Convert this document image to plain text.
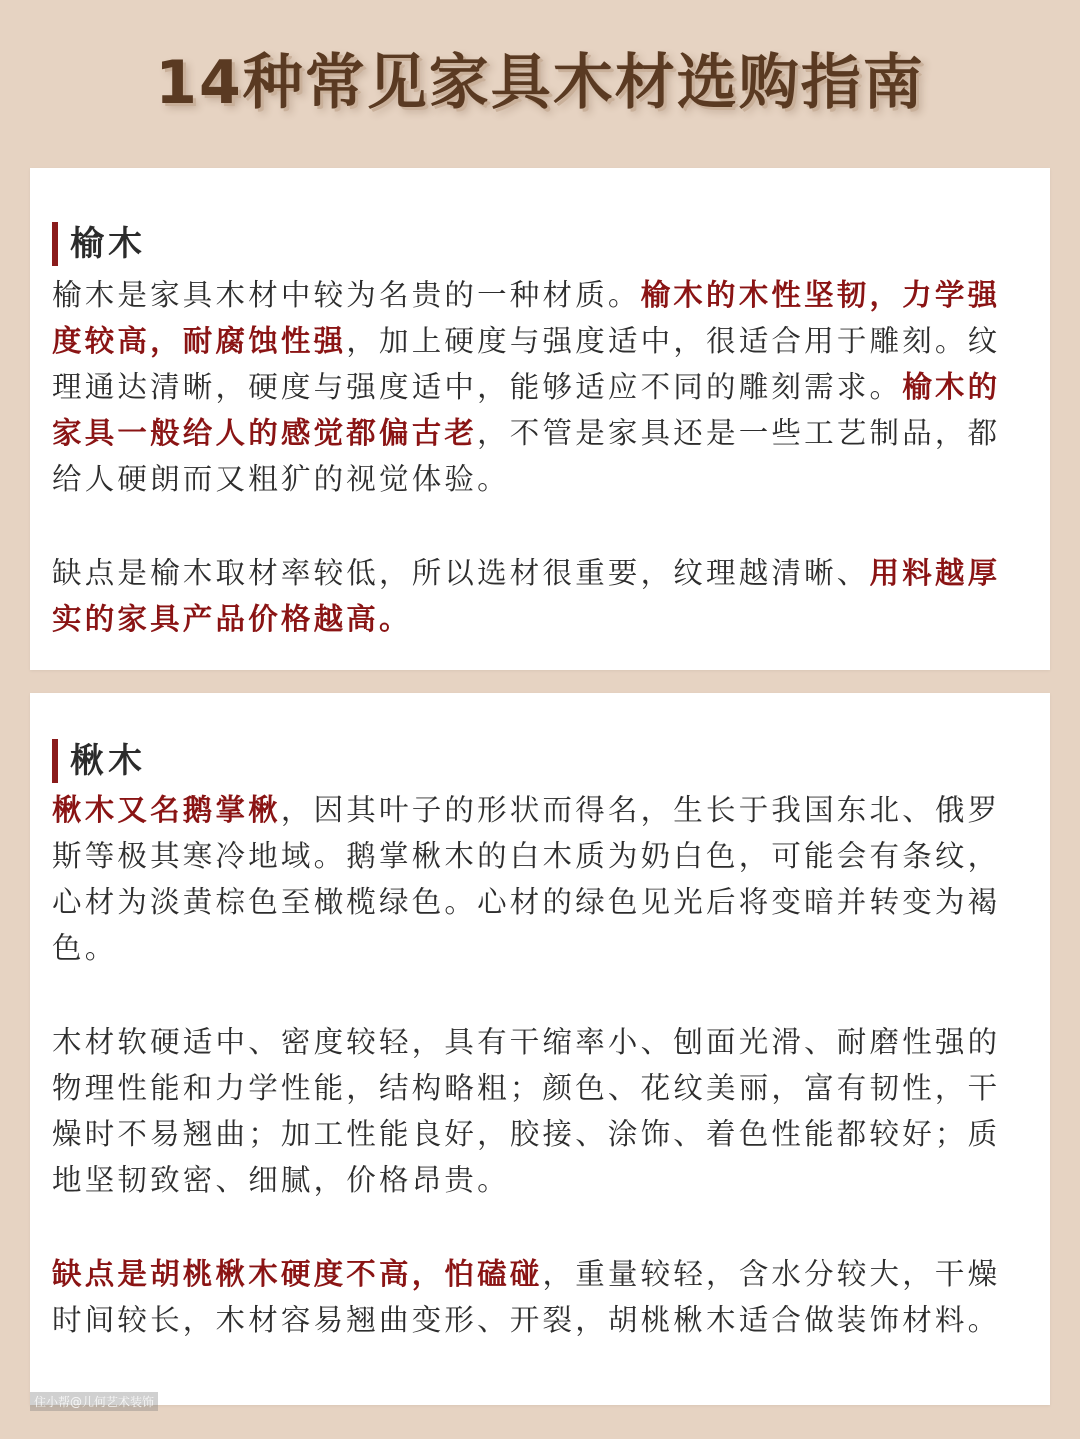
14种常见家具木材选购指南
榆木

榆木是家具木材中较为名贵的一种材质。榆木的木性坚韧，力学强度较高，耐腐蚀性强，加上硬度与强度适中，很适合用于雕刻。纹理通达清晰，硬度与强度适中，能够适应不同的雕刻需求。榆木的家具一般给人的感觉都偏古老，不管是家具还是一些工艺制品，都给人硬朗而又粗犷的视觉体验。

缺点是榆木取材率较低，所以选材很重要，纹理越清晰、用料越厚实的家具产品价格越高。

楸木

楸木又名鹅掌楸，因其叶子的形状而得名，生长于我国东北、俄罗斯等极其寒冷地域。鹅掌楸木的白木质为奶白色，可能会有条纹，心材为淡黄棕色至橄榄绿色。心材的绿色见光后将变暗并转变为褐色。

木材软硬适中、密度较轻，具有干缩率小、刨面光滑、耐磨性强的物理性能和力学性能，结构略粗；颜色、花纹美丽，富有韧性，干燥时不易翘曲；加工性能良好，胶接、涂饰、着色性能都较好；质地坚韧致密、细腻，价格昂贵。

缺点是胡桃楸木硬度不高，怕磕碰，重量较轻，含水分较大，干燥时间较长，木材容易翘曲变形、开裂，胡桃楸木适合做装饰材料。

住小帮@儿何艺术装饰
